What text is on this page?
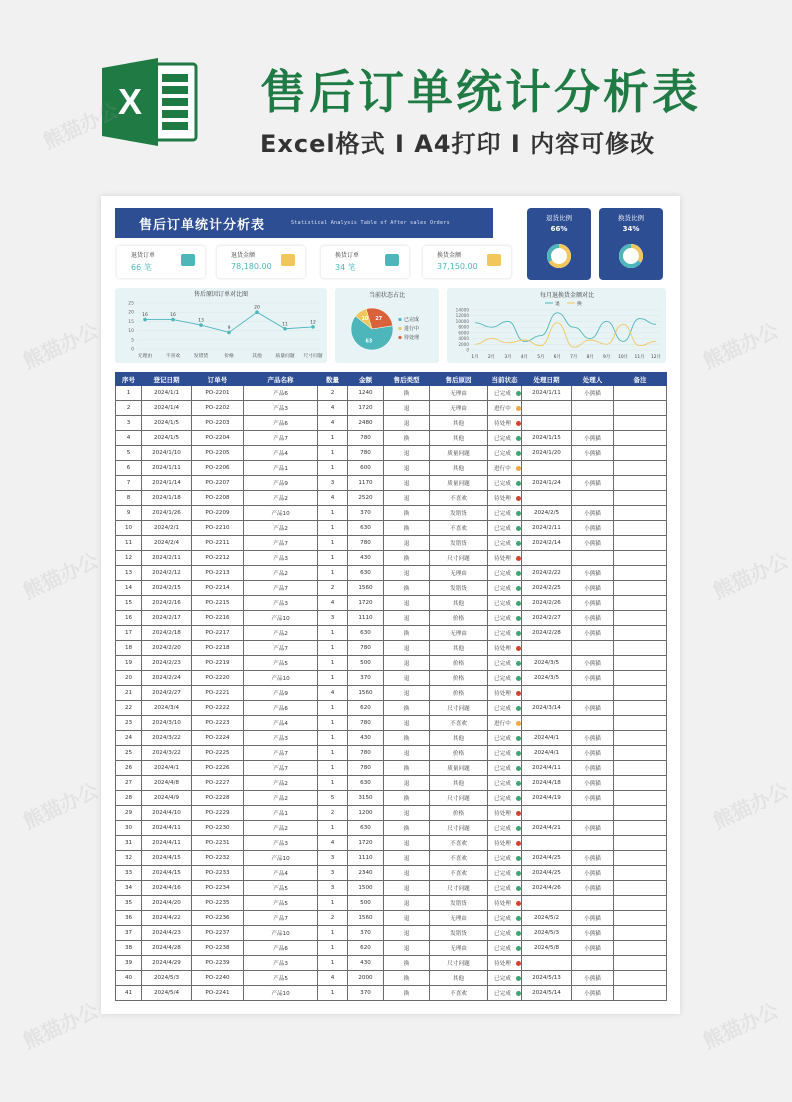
X	售后订单统计分析表
Excel格式 I A4打印 I 内容可修改
售后订单统计分析表	Statistical Analysis Table of After sales Orders
退货订单
66 笔
退货金额
78,180.00
换货订单
34 笔
换货金额
37,150.00
退货比例
66%
换货比例
34%
售后原因订单对比图
0
5
10
15
20
25
16
无理由
16
不喜欢
13
发错货
9
价格
20
其他
11
质量问题
12
尺寸问题
当前状态占比
63
已完成
10
进行中
27
待处理
每月退换货金额对比
退	换
0
2000
4000
6000
8000
10000
12000
14000
1月 2月 3月 4月 5月 6月 7月 8月 9月 10月 11月 12月
序号	登记日期	订单号	产品名称	数量	金额	售后类型	售后原因	当前状态	处理日期	处理人	备注
1	2024/1/1	PO-2201	产品6	2	1240	换	无理由	已完成	2024/1/11	小熊猫	
2	2024/1/4	PO-2202	产品3	4	1720	退	无理由	进行中			
3	2024/1/5	PO-2203	产品6	4	2480	退	其他	待处理			
4	2024/1/5	PO-2204	产品7	1	780	换	其他	已完成	2024/1/15	小熊猫	
5	2024/1/10	PO-2205	产品4	1	780	退	质量问题	已完成	2024/1/20	小熊猫	
6	2024/1/11	PO-2206	产品1	1	600	退	其他	进行中			
7	2024/1/14	PO-2207	产品9	3	1170	退	质量问题	已完成	2024/1/24	小熊猫	
8	2024/1/18	PO-2208	产品2	4	2520	退	不喜欢	待处理			
9	2024/1/26	PO-2209	产品10	1	370	换	发错货	已完成	2024/2/5	小熊猫	
10	2024/2/1	PO-2210	产品2	1	630	换	不喜欢	已完成	2024/2/11	小熊猫	
11	2024/2/4	PO-2211	产品7	1	780	退	发错货	已完成	2024/2/14	小熊猫	
12	2024/2/11	PO-2212	产品3	1	430	换	尺寸问题	待处理			
13	2024/2/12	PO-2213	产品2	1	630	退	无理由	已完成	2024/2/22	小熊猫	
14	2024/2/15	PO-2214	产品7	2	1560	换	发错货	已完成	2024/2/25	小熊猫	
15	2024/2/16	PO-2215	产品3	4	1720	退	其他	已完成	2024/2/26	小熊猫	
16	2024/2/17	PO-2216	产品10	3	1110	退	价格	已完成	2024/2/27	小熊猫	
17	2024/2/18	PO-2217	产品2	1	630	换	无理由	已完成	2024/2/28	小熊猫	
18	2024/2/20	PO-2218	产品7	1	780	退	其他	待处理			
19	2024/2/23	PO-2219	产品5	1	500	退	价格	已完成	2024/3/5	小熊猫	
20	2024/2/24	PO-2220	产品10	1	370	退	价格	已完成	2024/3/5	小熊猫	
21	2024/2/27	PO-2221	产品9	4	1560	退	价格	待处理			
22	2024/3/4	PO-2222	产品6	1	620	换	尺寸问题	已完成	2024/3/14	小熊猫	
23	2024/3/10	PO-2223	产品4	1	780	退	不喜欢	进行中			
24	2024/3/22	PO-2224	产品3	1	430	换	其他	已完成	2024/4/1	小熊猫	
25	2024/3/22	PO-2225	产品7	1	780	退	价格	已完成	2024/4/1	小熊猫	
26	2024/4/1	PO-2226	产品7	1	780	换	质量问题	已完成	2024/4/11	小熊猫	
27	2024/4/8	PO-2227	产品2	1	630	退	其他	已完成	2024/4/18	小熊猫	
28	2024/4/9	PO-2228	产品2	5	3150	换	尺寸问题	已完成	2024/4/19	小熊猫	
29	2024/4/10	PO-2229	产品1	2	1200	退	价格	待处理			
30	2024/4/11	PO-2230	产品2	1	630	换	尺寸问题	已完成	2024/4/21	小熊猫	
31	2024/4/11	PO-2231	产品3	4	1720	退	不喜欢	待处理			
32	2024/4/15	PO-2232	产品10	3	1110	退	不喜欢	已完成	2024/4/25	小熊猫	
33	2024/4/15	PO-2233	产品4	3	2340	退	不喜欢	已完成	2024/4/25	小熊猫	
34	2024/4/16	PO-2234	产品5	3	1500	退	尺寸问题	已完成	2024/4/26	小熊猫	
35	2024/4/20	PO-2235	产品5	1	500	退	发错货	待处理			
36	2024/4/22	PO-2236	产品7	2	1560	退	无理由	已完成	2024/5/2	小熊猫	
37	2024/4/23	PO-2237	产品10	1	370	退	发错货	已完成	2024/5/3	小熊猫	
38	2024/4/28	PO-2238	产品6	1	620	退	无理由	已完成	2024/5/8	小熊猫	
39	2024/4/29	PO-2239	产品3	1	430	换	尺寸问题	待处理			
40	2024/5/3	PO-2240	产品5	4	2000	换	其他	已完成	2024/5/13	小熊猫	
41	2024/5/4	PO-2241	产品10	1	370	换	不喜欢	已完成	2024/5/14	小熊猫	
熊猫办公
熊猫办公	熊猫办公
熊猫办公	熊猫办公
熊猫办公	熊猫办公
熊猫办公	熊猫办公
